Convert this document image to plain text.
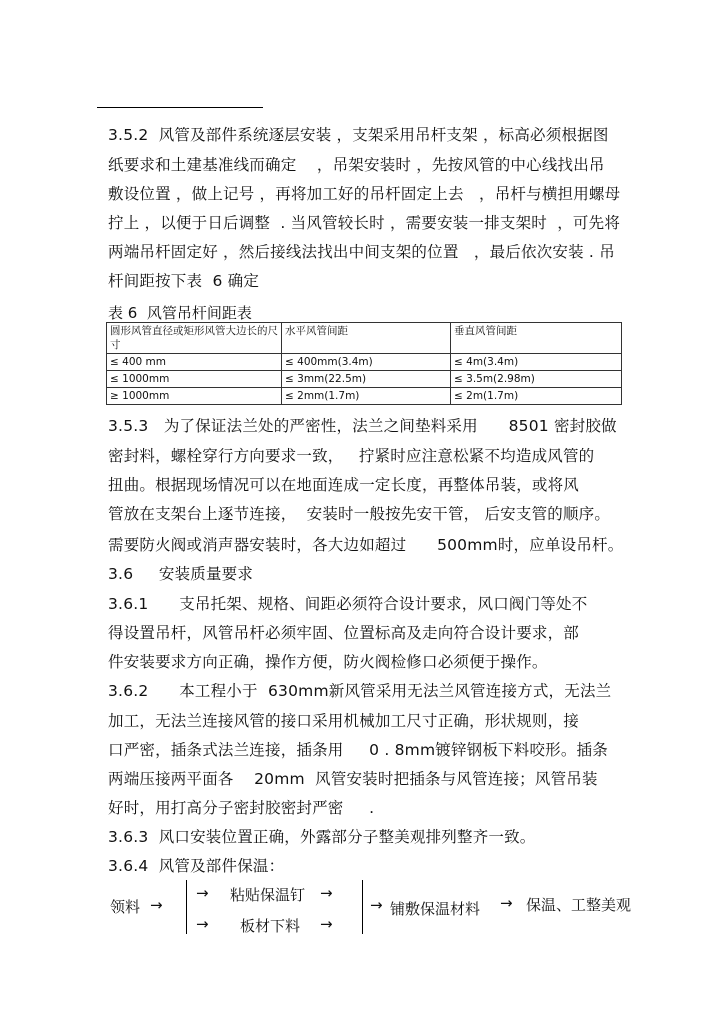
3.5.2  风管及部件系统逐层安装 ，支架采用吊杆支架 ，标高必须根据图
纸要求和土建基准线而确定    ，吊架安装时 ，先按风管的中心线找出吊
敷设位置 ，做上记号 ，再将加工好的吊杆固定上去   ，吊杆与横担用螺母
拧上 ，以便于日后调整  . 当风管较长时 ，需要安装一排支架时  ，可先将
两端吊杆固定好 ，然后接线法找出中间支架的位置   ，最后依次安装 . 吊
杆间距按下表  6 确定
表 6  风管吊杆间距表
圆形风管直径或矩形风管大边长的尺寸	水平风管间距	垂直风管间距
≤ 400 mm	≤ 400mm(3.4m)	≤ 4m(3.4m)
≤ 1000mm	≤ 3mm(22.5m)	≤ 3.5m(2.98m)
≥ 1000mm	≤ 2mm(1.7m)	≤ 2m(1.7m)
3.5.3   为了保证法兰处的严密性，法兰之间垫料采用      8501 密封胶做
密封料，螺栓穿行方向要求一致，   拧紧时应注意松紧不均造成风管的
扭曲。根据现场情况可以在地面连成一定长度，再整体吊装，或将风
管放在支架台上逐节连接，  安装时一般按先安干管， 后安支管的顺序。
需要防火阀或消声器安装时，各大边如超过      500mm时，应单设吊杆。
3.6     安装质量要求
3.6.1      支吊托架、规格、间距必须符合设计要求，风口阀门等处不
得设置吊杆，风管吊杆必须牢固、位置标高及走向符合设计要求，部
件安装要求方向正确，操作方便，防火阀检修口必须便于操作。
3.6.2      本工程小于  630mm新风管采用无法兰风管连接方式，无法兰
加工，无法兰连接风管的接口采用机械加工尺寸正确，形状规则，接
口严密，插条式法兰连接，插条用     0 . 8mm镀锌钢板下料咬形。插条
两端压接两平面各    20mm  风管安装时把插条与风管连接；风管吊装
好时，用打高分子密封胶密封严密     .
3.6.3  风口安装位置正确，外露部分子整美观排列整齐一致。
3.6.4  风管及部件保温：
领料 →
→ 粘贴保温钉 →
→ 板材下料 →
→ 铺敷保温材料 → 保温、工整美观
